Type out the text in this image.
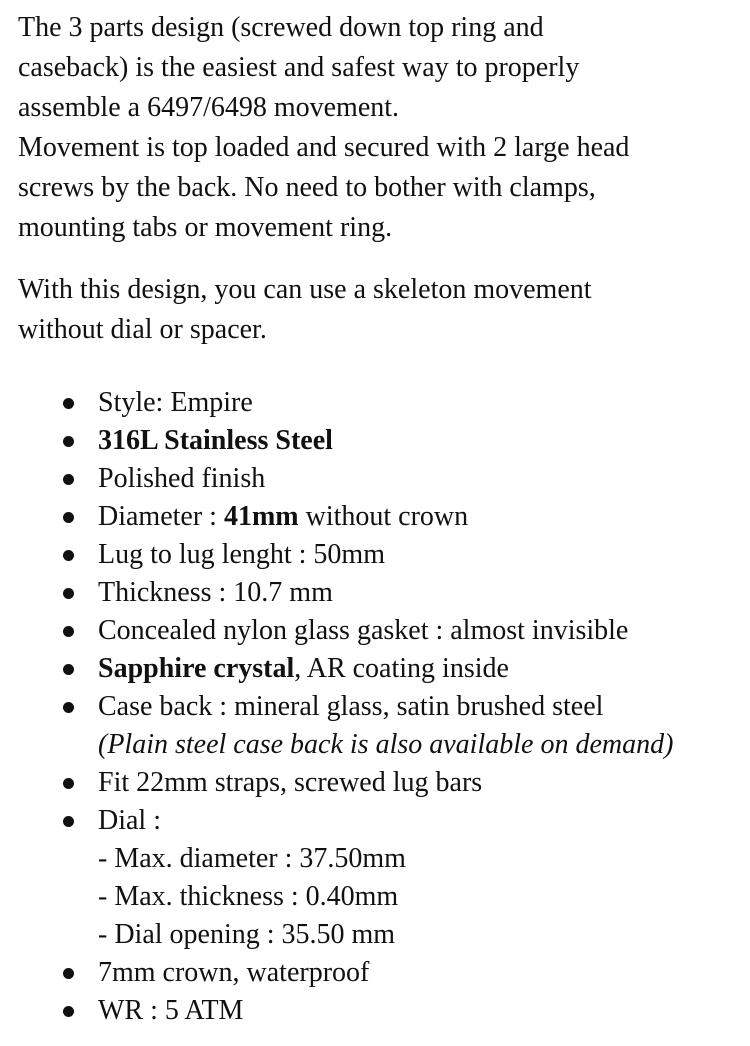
The 3 parts design (screwed down top ring and
caseback) is the easiest and safest way to properly
assemble a 6497/6498 movement.
Movement is top loaded and secured with 2 large head
screws by the back. No need to bother with clamps,
mounting tabs or movement ring.

With this design, you can use a skeleton movement
without dial or spacer.

Style: Empire
316L Stainless Steel
Polished finish
Diameter : 41mm without crown
Lug to lug lenght : 50mm
Thickness : 10.7 mm
Concealed nylon glass gasket : almost invisible
Sapphire crystal, AR coating inside
Case back : mineral glass, satin brushed steel
(Plain steel case back is also available on demand)
Fit 22mm straps, screwed lug bars
Dial :
- Max. diameter : 37.50mm
- Max. thickness : 0.40mm
- Dial opening : 35.50 mm
7mm crown, waterproof
WR : 5 ATM
